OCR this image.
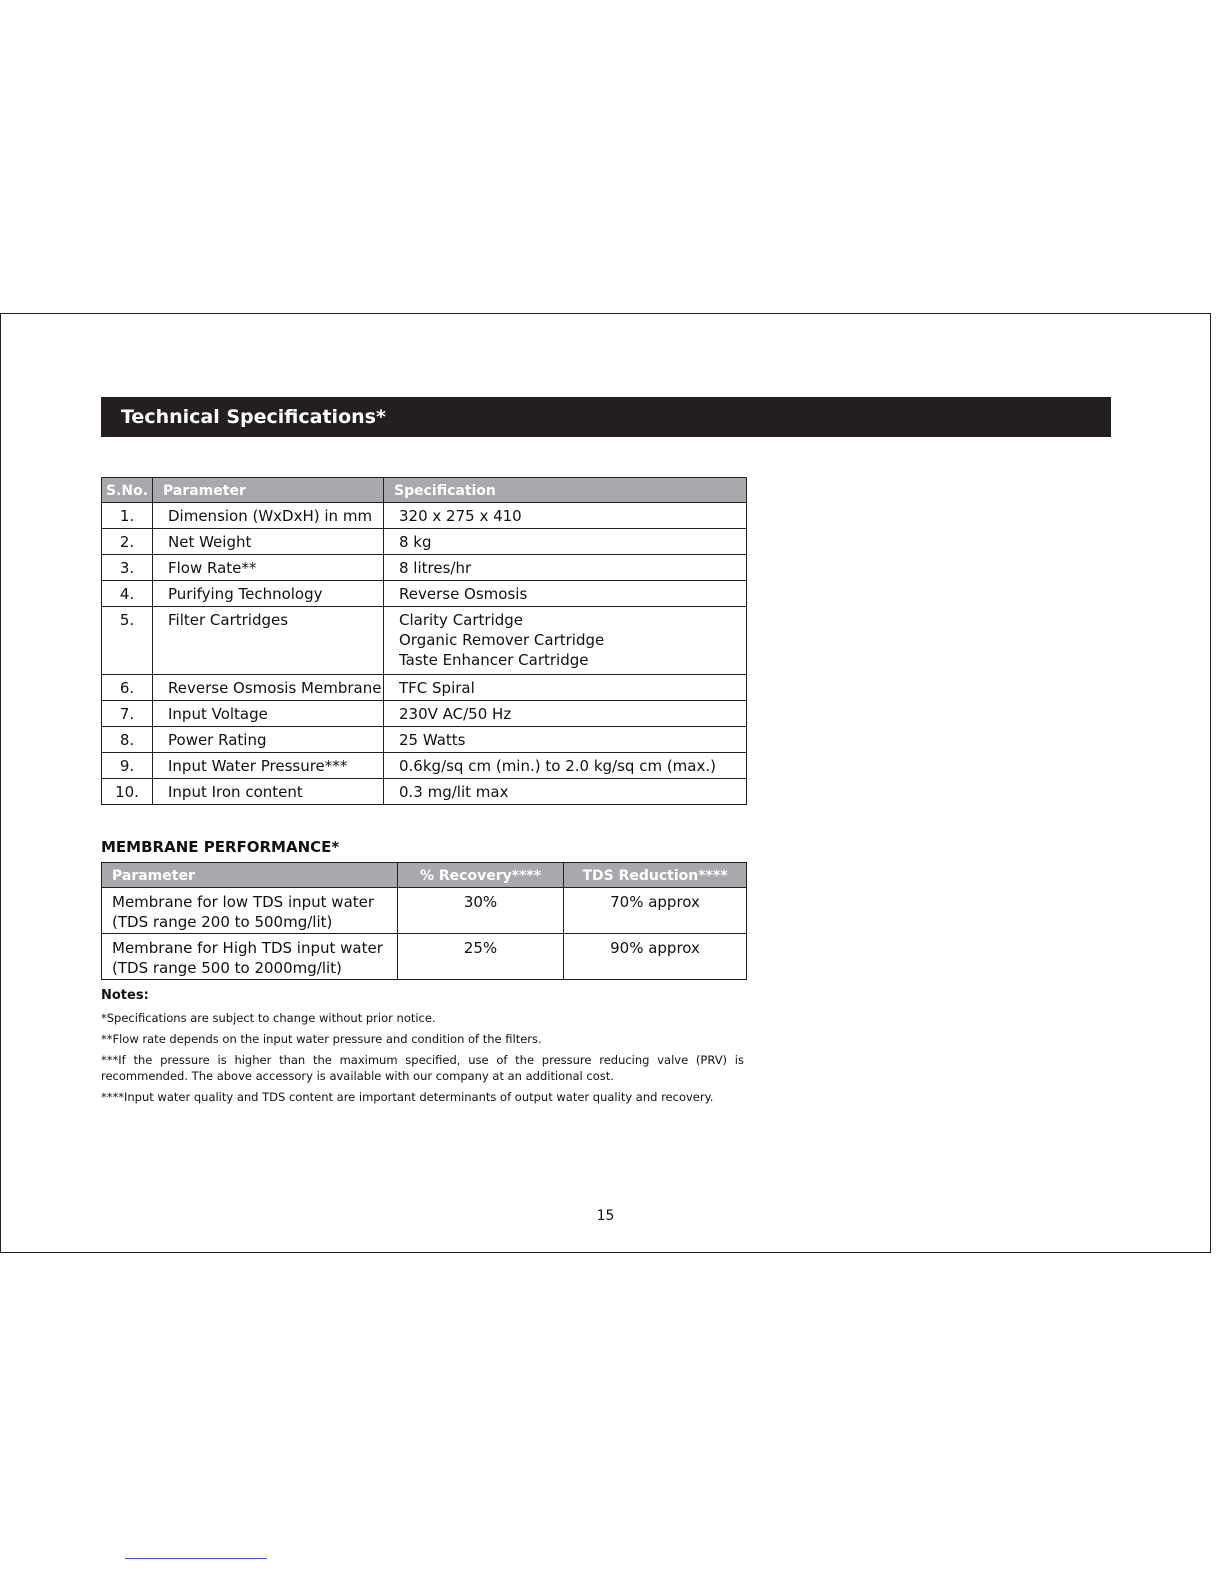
Technical Specifications*
S.No.	Parameter	Specification
1.	Dimension (WxDxH) in mm	320 x 275 x 410

2.	Net Weight	8 kg

3.	Flow Rate**	8 litres/hr

4.	Purifying Technology	Reverse Osmosis

5.	Filter Cartridges	Clarity Cartridge
Organic Remover Cartridge
Taste Enhancer Cartridge

6.	Reverse Osmosis Membrane	TFC Spiral

7.	Input Voltage	230V AC/50 Hz

8.	Power Rating	25 Watts

9.	Input Water Pressure***	0.6kg/sq cm (min.) to 2.0 kg/sq cm (max.)

10.	Input Iron content	0.3 mg/lit max
MEMBRANE PERFORMANCE*
Parameter	% Recovery****	TDS Reduction****

Membrane for low TDS input water
(TDS range 200 to 500mg/lit)	30%	70% approx

Membrane for High TDS input water
(TDS range 500 to 2000mg/lit)	25%	90% approx
Notes:
*Specifications are subject to change without prior notice.
**Flow rate depends on the input water pressure and condition of the filters.
***If the pressure is higher than the maximum specified, use of the pressure reducing valve (PRV) is recommended. The above accessory is available with our company at an additional cost.
****Input water quality and TDS content are important determinants of output water quality and recovery.
15
